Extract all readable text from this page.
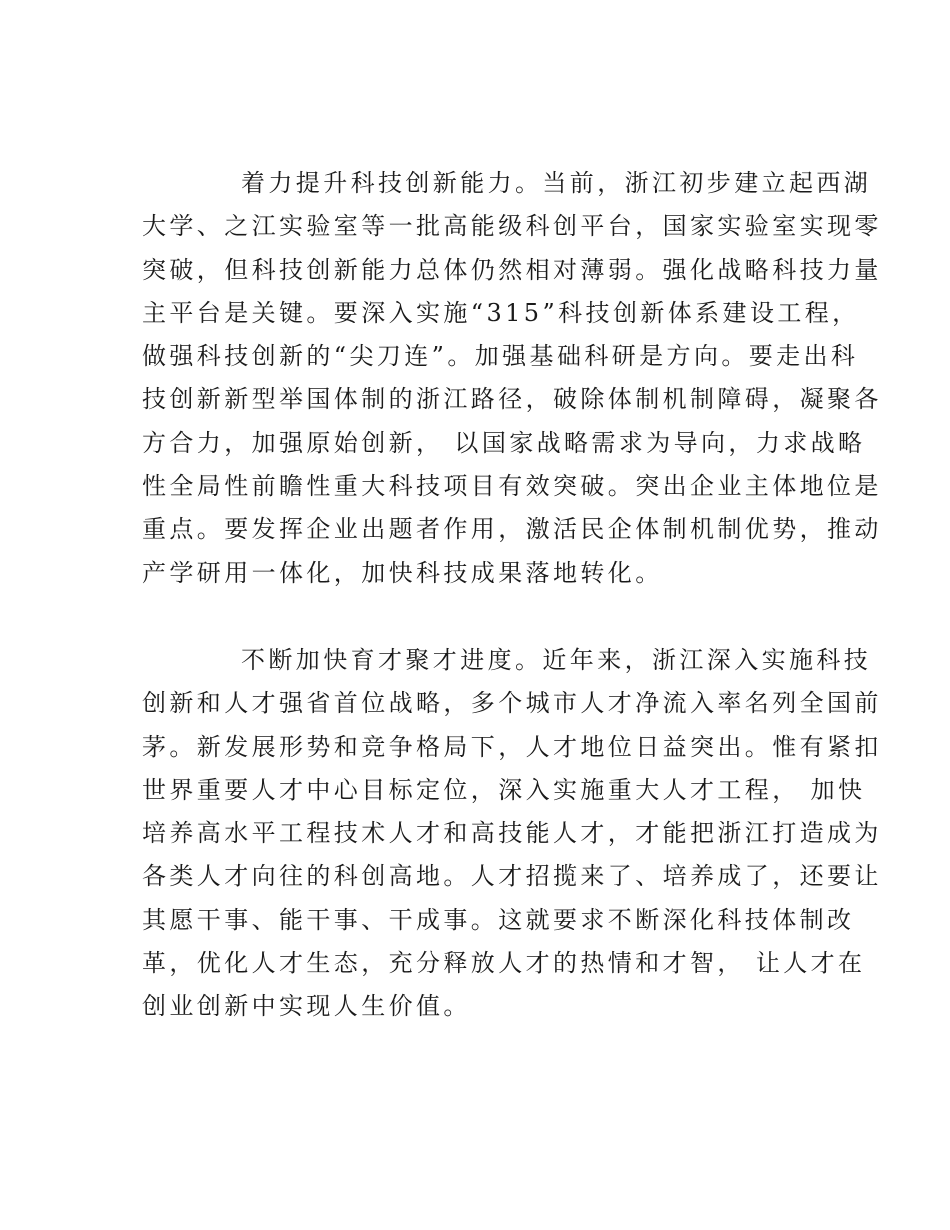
着力提升科技创新能力。当前，浙江初步建立起西湖
大学、之江实验室等一批高能级科创平台，国家实验室实现零
突破，但科技创新能力总体仍然相对薄弱。强化战略科技力量
主平台是关键。要深入实施“315”科技创新体系建设工程，
做强科技创新的“尖刀连”。加强基础科研是方向。要走出科
技创新新型举国体制的浙江路径，破除体制机制障碍，凝聚各
方合力，加强原始创新， 以国家战略需求为导向，力求战略
性全局性前瞻性重大科技项目有效突破。突出企业主体地位是
重点。要发挥企业出题者作用，激活民企体制机制优势，推动
产学研用一体化，加快科技成果落地转化。
不断加快育才聚才进度。近年来，浙江深入实施科技
创新和人才强省首位战略，多个城市人才净流入率名列全国前
茅。新发展形势和竞争格局下，人才地位日益突出。惟有紧扣
世界重要人才中心目标定位，深入实施重大人才工程， 加快
培养高水平工程技术人才和高技能人才，才能把浙江打造成为
各类人才向往的科创高地。人才招揽来了、培养成了，还要让
其愿干事、能干事、干成事。这就要求不断深化科技体制改
革，优化人才生态，充分释放人才的热情和才智， 让人才在
创业创新中实现人生价值。
